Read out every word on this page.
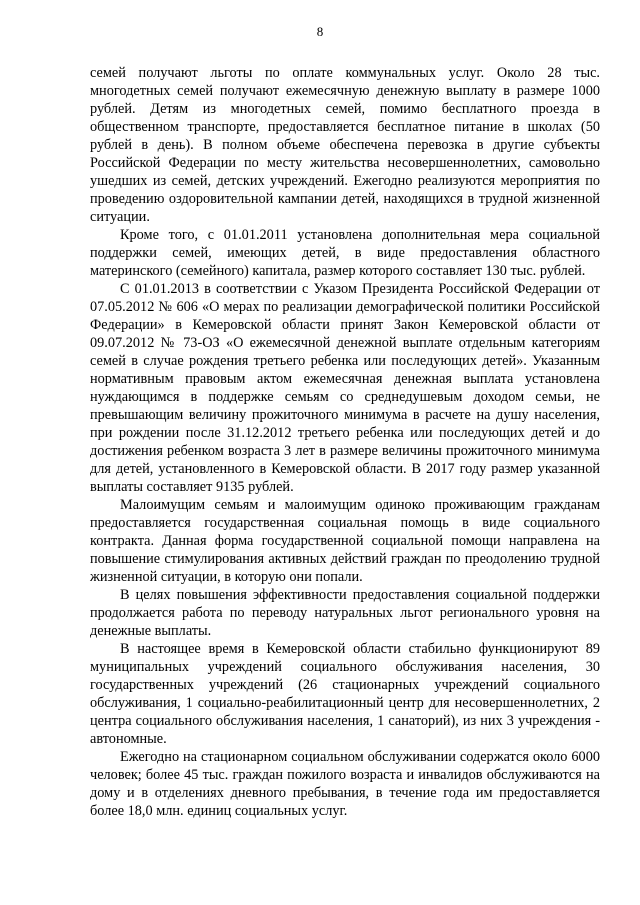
8

семей получают льготы по оплате коммунальных услуг. Около 28 тыс. многодетных семей получают ежемесячную денежную выплату в размере 1000 рублей. Детям из многодетных семей, помимо бесплатного проезда в общественном транспорте, предоставляется бесплатное питание в школах (50 рублей в день). В полном объеме обеспечена перевозка в другие субъекты Российской Федерации по месту жительства несовершеннолетних, самовольно ушедших из семей, детских учреждений. Ежегодно реализуются мероприятия по проведению оздоровительной кампании детей, находящихся в трудной жизненной ситуации.

Кроме того, с 01.01.2011 установлена дополнительная мера социальной поддержки семей, имеющих детей, в виде предоставления областного материнского (семейного) капитала, размер которого составляет 130 тыс. рублей.

С 01.01.2013 в соответствии с Указом Президента Российской Федерации от 07.05.2012 № 606 «О мерах по реализации демографической политики Российской Федерации» в Кемеровской области принят Закон Кемеровской области от 09.07.2012 № 73-ОЗ «О ежемесячной денежной выплате отдельным категориям семей в случае рождения третьего ребенка или последующих детей». Указанным нормативным правовым актом ежемесячная денежная выплата установлена нуждающимся в поддержке семьям со среднедушевым доходом семьи, не превышающим величину прожиточного минимума в расчете на душу населения, при рождении после 31.12.2012 третьего ребенка или последующих детей и до достижения ребенком возраста 3 лет в размере величины прожиточного минимума для детей, установленного в Кемеровской области. В 2017 году размер указанной выплаты составляет 9135 рублей.

Малоимущим семьям и малоимущим одиноко проживающим гражданам предоставляется государственная социальная помощь в виде социального контракта. Данная форма государственной социальной помощи направлена на повышение стимулирования активных действий граждан по преодолению трудной жизненной ситуации, в которую они попали.

В целях повышения эффективности предоставления социальной поддержки продолжается работа по переводу натуральных льгот регионального уровня на денежные выплаты.

В настоящее время в Кемеровской области стабильно функционируют 89 муниципальных учреждений социального обслуживания населения, 30 государственных учреждений (26 стационарных учреждений социального обслуживания, 1 социально-реабилитационный центр для несовершеннолетних, 2 центра социального обслуживания населения, 1 санаторий), из них 3 учреждения - автономные.

Ежегодно на стационарном социальном обслуживании содержатся около 6000 человек; более 45 тыс. граждан пожилого возраста и инвалидов обслуживаются на дому и в отделениях дневного пребывания, в течение года им предоставляется более 18,0 млн. единиц социальных услуг.
